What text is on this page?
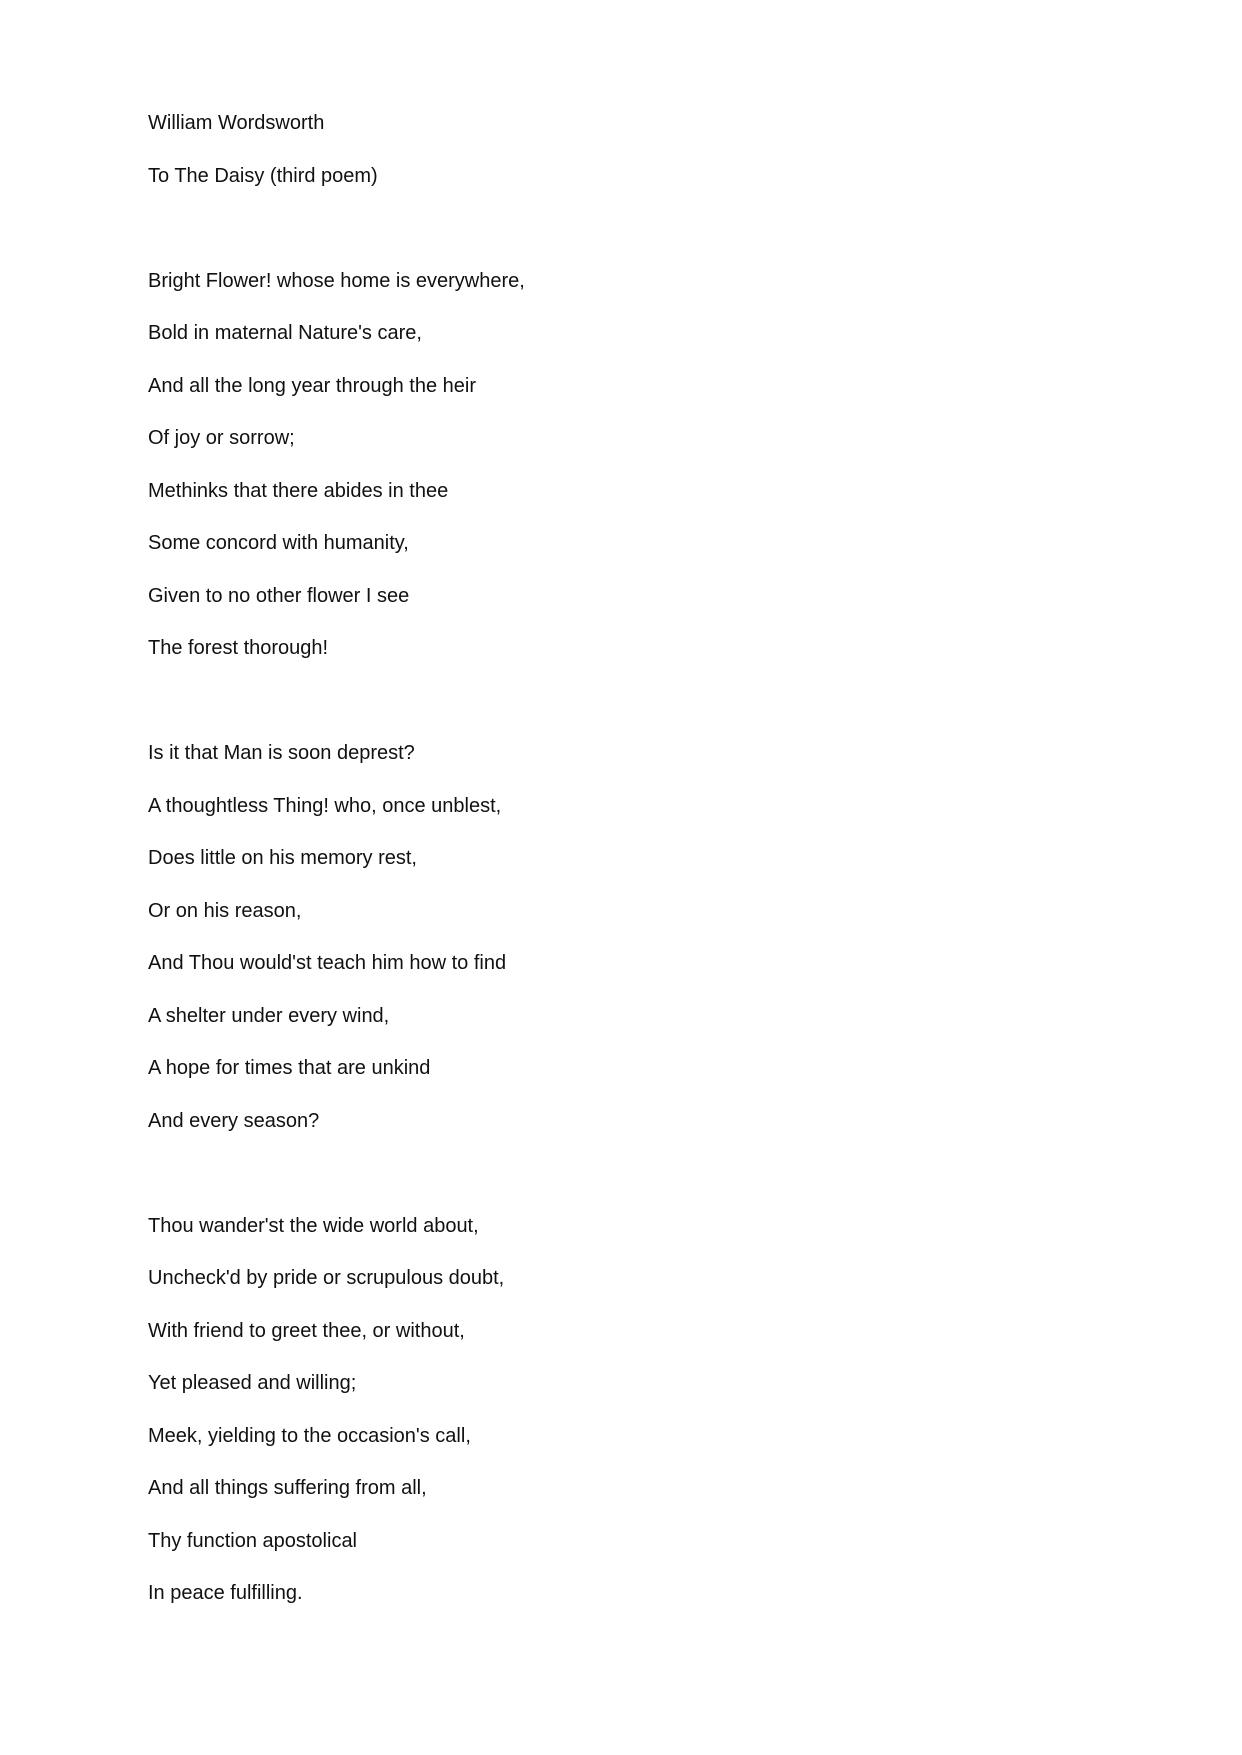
William Wordsworth
To The Daisy (third poem)
Bright Flower! whose home is everywhere,
Bold in maternal Nature's care,
And all the long year through the heir
Of joy or sorrow;
Methinks that there abides in thee
Some concord with humanity,
Given to no other flower I see
The forest thorough!
Is it that Man is soon deprest?
A thoughtless Thing! who, once unblest,
Does little on his memory rest,
Or on his reason,
And Thou would'st teach him how to find
A shelter under every wind,
A hope for times that are unkind
And every season?
Thou wander'st the wide world about,
Uncheck'd by pride or scrupulous doubt,
With friend to greet thee, or without,
Yet pleased and willing;
Meek, yielding to the occasion's call,
And all things suffering from all,
Thy function apostolical
In peace fulfilling.
